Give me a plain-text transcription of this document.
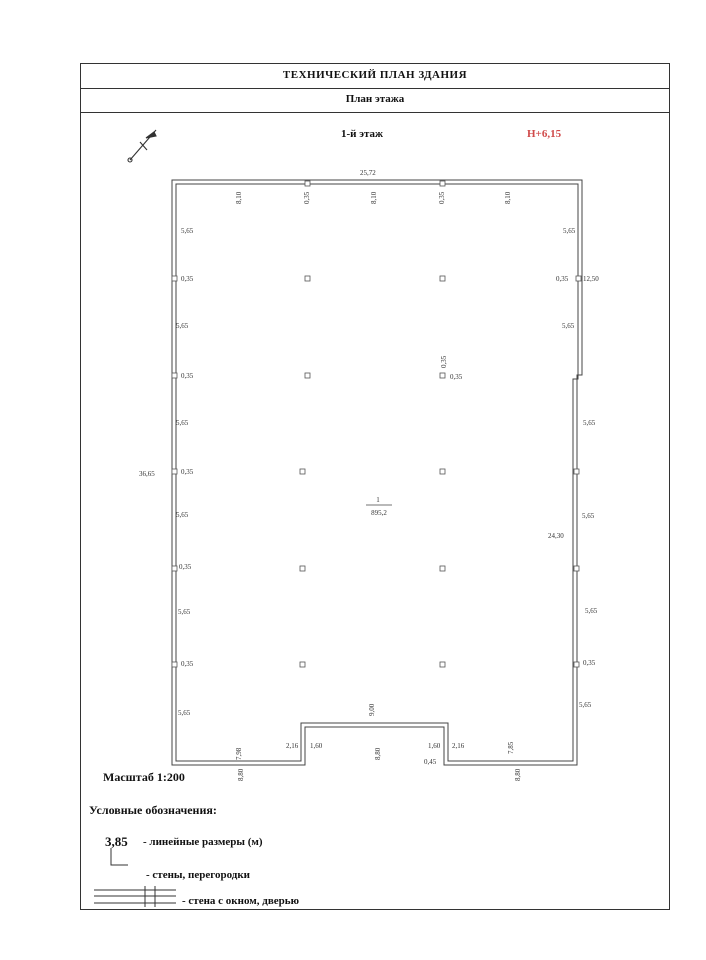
ТЕХНИЧЕСКИЙ ПЛАН ЗДАНИЯ
План этажа
1-й этаж	Н+6,15
1
895,2
25,72
8,10	0,35	8,10	0,35	8,10
36,65
5,65
0,35
5,65
0,35
5,65
0,35
5,65
0,35
5,65
0,35
5,65
5,65
0,35 12,50
5,65
5,65
5,65
24,30
5,65
0,35
5,65
0,35
0,35
9,00
8,80
7,98
2,16 1,60
8,80
1,60 2,16
0,45
7,85
8,80
Масштаб 1:200
Условные обозначения:
3,85 - линейные размеры (м)
- стены, перегородки
- стена с окном, дверью
